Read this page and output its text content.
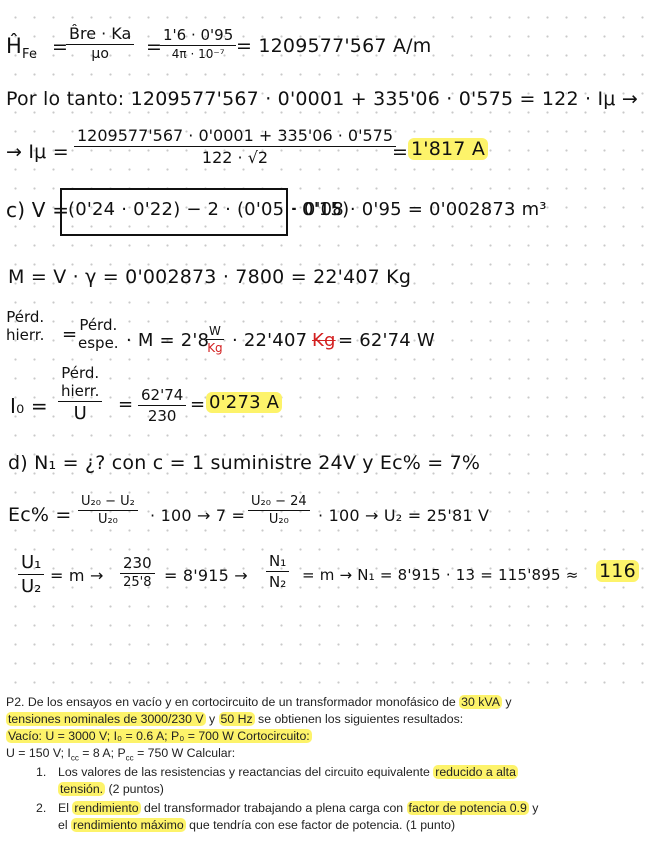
$Ĥ_{Fe}$ =
$\frac{B̂re \cdot Ka}{\mu o}$ =
1'6 · 0'95
4π · 10⁻⁷ = 1209577'567 A/m
Por lo tanto: 1209577'567 · 0'0001 + 335'06 · 0'575 = 122 · Iμ →
→ $I\mu = \frac{1209577'567 \cdot 0'0001 + 335'06 \cdot 0'575}{122 \cdot √2}$
= 1'817 A
c) V =
(0'24 · 0'22) − 2 · (0'05 · 0'15)
· 0'08 · 0'95 = 0'002873 m³
M = V · γ = 0'002873 · 7800 = 22'407 Kg
Pérd.
hierr. = Pérd.
espe. · M = 2'8
$\frac{W}{Kg} \cdot 22'407$ Kg = 62'74 W
I₀ =
Pérd.
hierr.
$U = \frac{62'74}{230} = 0'273$ A
d) N₁ = ¿? con c = 1 suministre 24V y Ec% = 7%
$Ec\% = \frac{\text{U₂₀ − U₂}}{\text{U₂₀}} \cdot 100 \to 7 = \frac{\text{U₂₀ − 24}}{\text{U₂₀}} \cdot 100 \to U_2 = 25'81$ V
$\frac{\text{U₁}}{\text{U₂}} = m \to \frac{230}{25'8} = 8'915 \to \frac{\text{N₁}}{\text{N₂}} = m \to N_1 = 8'915 \cdot 13 = 115'895 \approx 116$
P2. De los ensayos en vacío y en cortocircuito de un transformador monofásico de 30 kVA y
tensiones nominales de 3000/230 V y 50 Hz se obtienen los siguientes resultados:
Vacío: U = 3000 V; I₀ = 0.6 A; P₀ = 700 W Cortocircuito:
U = 150 V; $I_{cc} = 8$ A; $P_{cc} = 750$ W Calcular:
1. Los valores de las resistencias y reactancias del circuito equivalente reducido a alta
tensión. (2 puntos)
2. El rendimiento del transformador trabajando a plena carga con factor de potencia 0.9 y
el rendimiento máximo que tendría con ese factor de potencia. (1 punto)
